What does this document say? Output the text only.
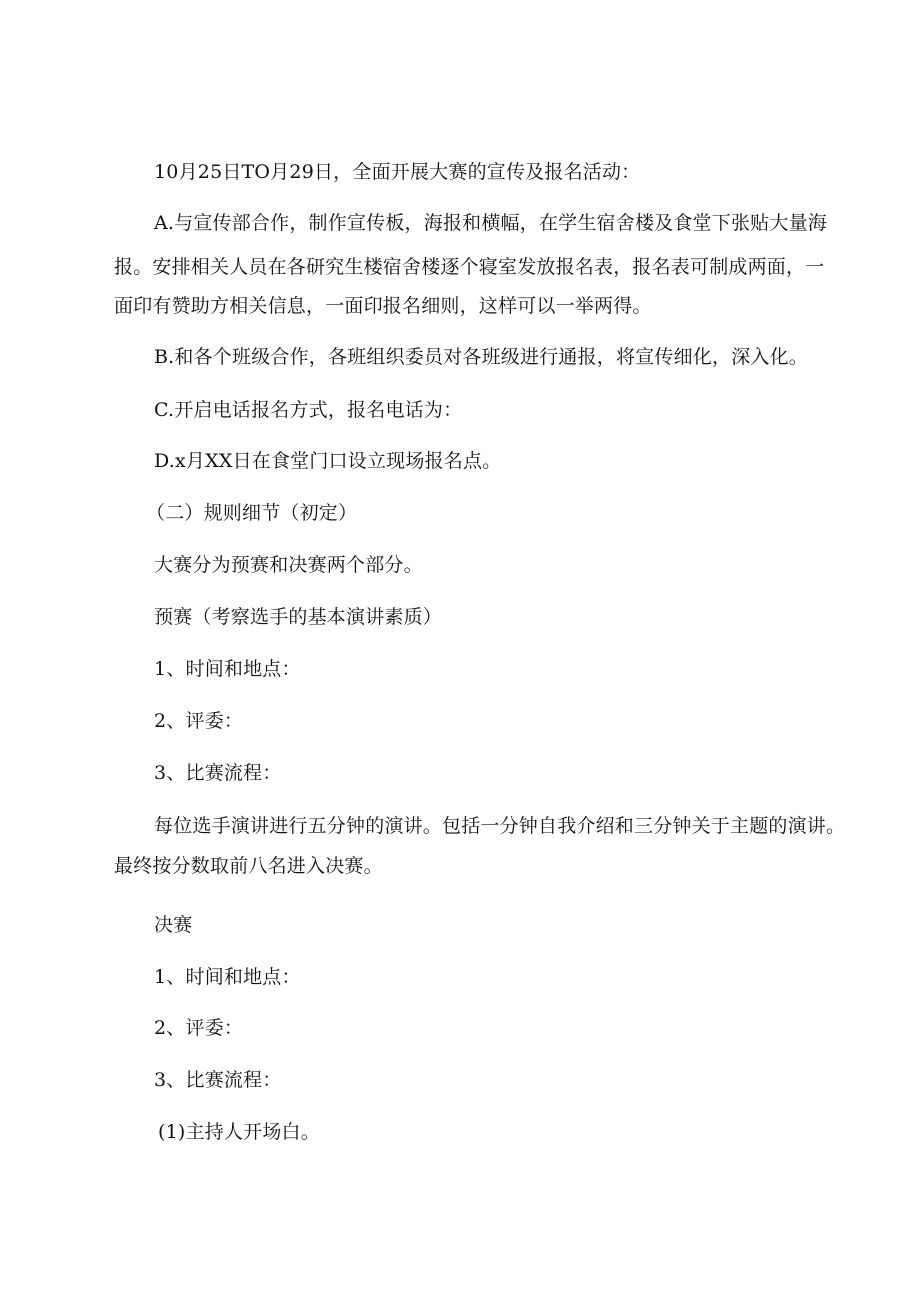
10月25日TO月29日，全面开展大赛的宣传及报名活动：
A.与宣传部合作，制作宣传板，海报和横幅，在学生宿舍楼及食堂下张贴大量海
报。安排相关人员在各研究生楼宿舍楼逐个寝室发放报名表，报名表可制成两面，一
面印有赞助方相关信息，一面印报名细则，这样可以一举两得。
B.和各个班级合作，各班组织委员对各班级进行通报，将宣传细化，深入化。
C.开启电话报名方式，报名电话为：
D.x月XX日在食堂门口设立现场报名点。
（二）规则细节（初定）
大赛分为预赛和决赛两个部分。
预赛（考察选手的基本演讲素质）
1、时间和地点：
2、评委：
3、比赛流程：
每位选手演讲进行五分钟的演讲。包括一分钟自我介绍和三分钟关于主题的演讲。
最终按分数取前八名进入决赛。
决赛
1、时间和地点：
2、评委：
3、比赛流程：
(1)主持人开场白。
